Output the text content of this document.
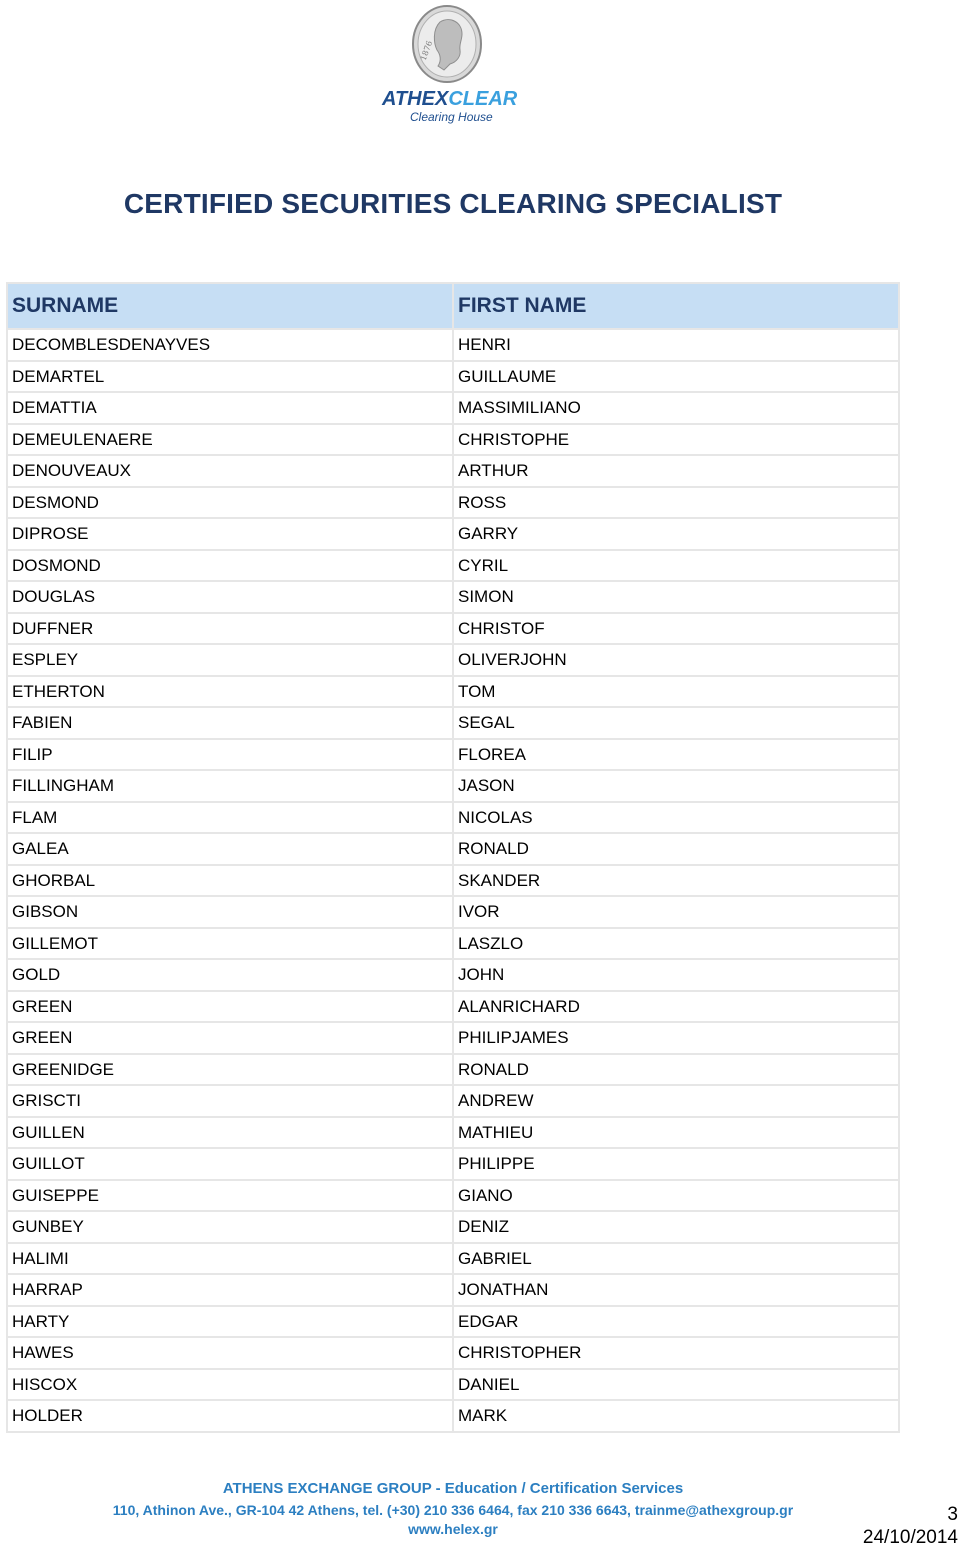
1876
ATHEXCLEAR
Clearing House
CERTIFIED SECURITIES CLEARING SPECIALIST
SURNAME	FIRST NAME
DECOMBLESDENAYVES	HENRI
DEMARTEL	GUILLAUME
DEMATTIA	MASSIMILIANO
DEMEULENAERE	CHRISTOPHE
DENOUVEAUX	ARTHUR
DESMOND	ROSS
DIPROSE	GARRY
DOSMOND	CYRIL
DOUGLAS	SIMON
DUFFNER	CHRISTOF
ESPLEY	OLIVERJOHN
ETHERTON	TOM
FABIEN	SEGAL
FILIP	FLOREA
FILLINGHAM	JASON
FLAM	NICOLAS
GALEA	RONALD
GHORBAL	SKANDER
GIBSON	IVOR
GILLEMOT	LASZLO
GOLD	JOHN
GREEN	ALANRICHARD
GREEN	PHILIPJAMES
GREENIDGE	RONALD
GRISCTI	ANDREW
GUILLEN	MATHIEU
GUILLOT	PHILIPPE
GUISEPPE	GIANO
GUNBEY	DENIZ
HALIMI	GABRIEL
HARRAP	JONATHAN
HARTY	EDGAR
HAWES	CHRISTOPHER
HISCOX	DANIEL
HOLDER	MARK
ATHENS EXCHANGE GROUP - Education / Certification Services
110, Athinon Ave., GR-104 42 Athens, tel. (+30) 210 336 6464, fax 210 336 6643, trainme@athexgroup.gr
www.helex.gr
3
24/10/2014
